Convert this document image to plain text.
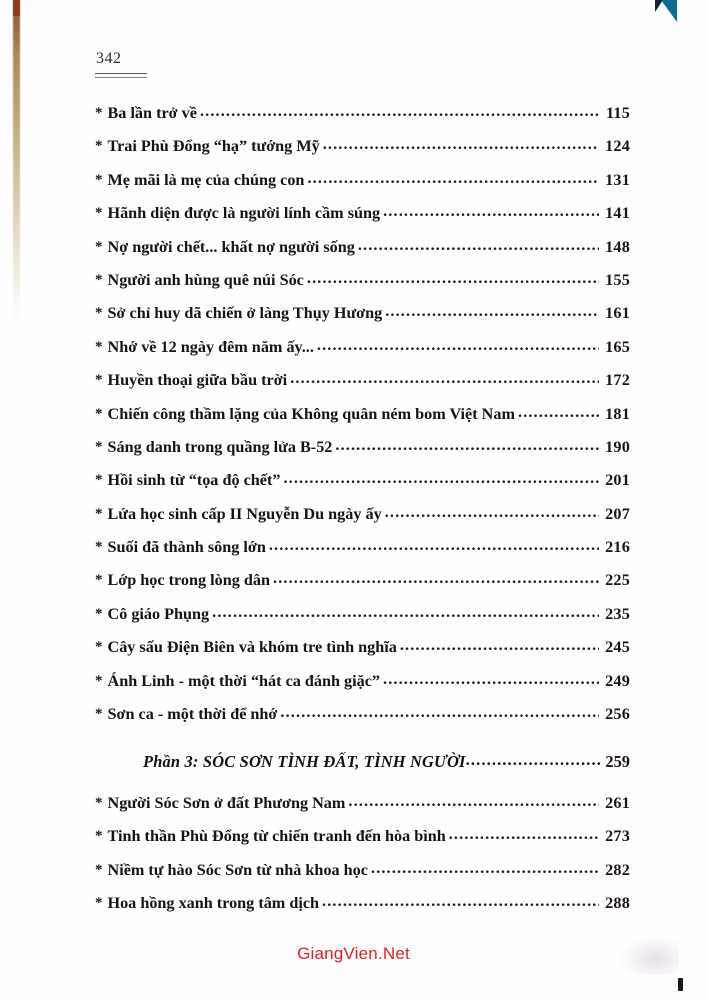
342
* Ba lần trở về .....	115
* Trai Phù Đổng “hạ” tướng Mỹ .....	124
* Mẹ mãi là mẹ của chúng con .....	131
* Hãnh diện được là người lính cầm súng .....	141
* Nợ người chết... khất nợ người sống .....	148
* Người anh hùng quê núi Sóc .....	155
* Sở chỉ huy dã chiến ở làng Thụy Hương .....	161
* Nhớ về 12 ngày đêm năm ấy... .....	165
* Huyền thoại giữa bầu trời .....	172
* Chiến công thầm lặng của Không quân ném bom Việt Nam .....	181
* Sáng danh trong quầng lửa B-52 .....	190
* Hồi sinh từ “tọa độ chết” .....	201
* Lứa học sinh cấp II Nguyễn Du ngày ấy .....	207
* Suối đã thành sông lớn .....	216
* Lớp học trong lòng dân .....	225
* Cô giáo Phụng .....	235
* Cây sấu Điện Biên và khóm tre tình nghĩa .....	245
* Ánh Linh - một thời “hát ca đánh giặc” .....	249
* Sơn ca - một thời để nhớ .....	256
Phần 3: SÓC SƠN TÌNH ĐẤT, TÌNH NGƯỜI .....	259
* Người Sóc Sơn ở đất Phương Nam .....	261
* Tinh thần Phù Đổng từ chiến tranh đến hòa bình .....	273
* Niềm tự hào Sóc Sơn từ nhà khoa học .....	282
* Hoa hồng xanh trong tâm dịch .....	288
GiangVien.Net
